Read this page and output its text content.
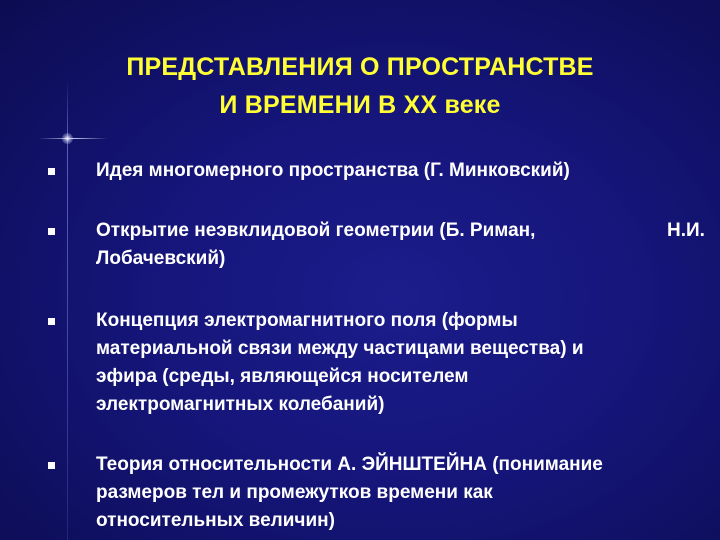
ПРЕДСТАВЛЕНИЯ О ПРОСТРАНСТВЕ
И ВРЕМЕНИ В XX веке
Идея многомерного пространства (Г. Минковский)
Открытие неэвклидовой геометрии (Б. Риман,
Лобачевский)
Н.И.
Концепция электромагнитного поля (формы
материальной связи между частицами вещества) и
эфира (среды, являющейся носителем
электромагнитных колебаний)
Теория относительности А. ЭЙНШТЕЙНА (понимание
размеров тел и промежутков времени как
относительных величин)
